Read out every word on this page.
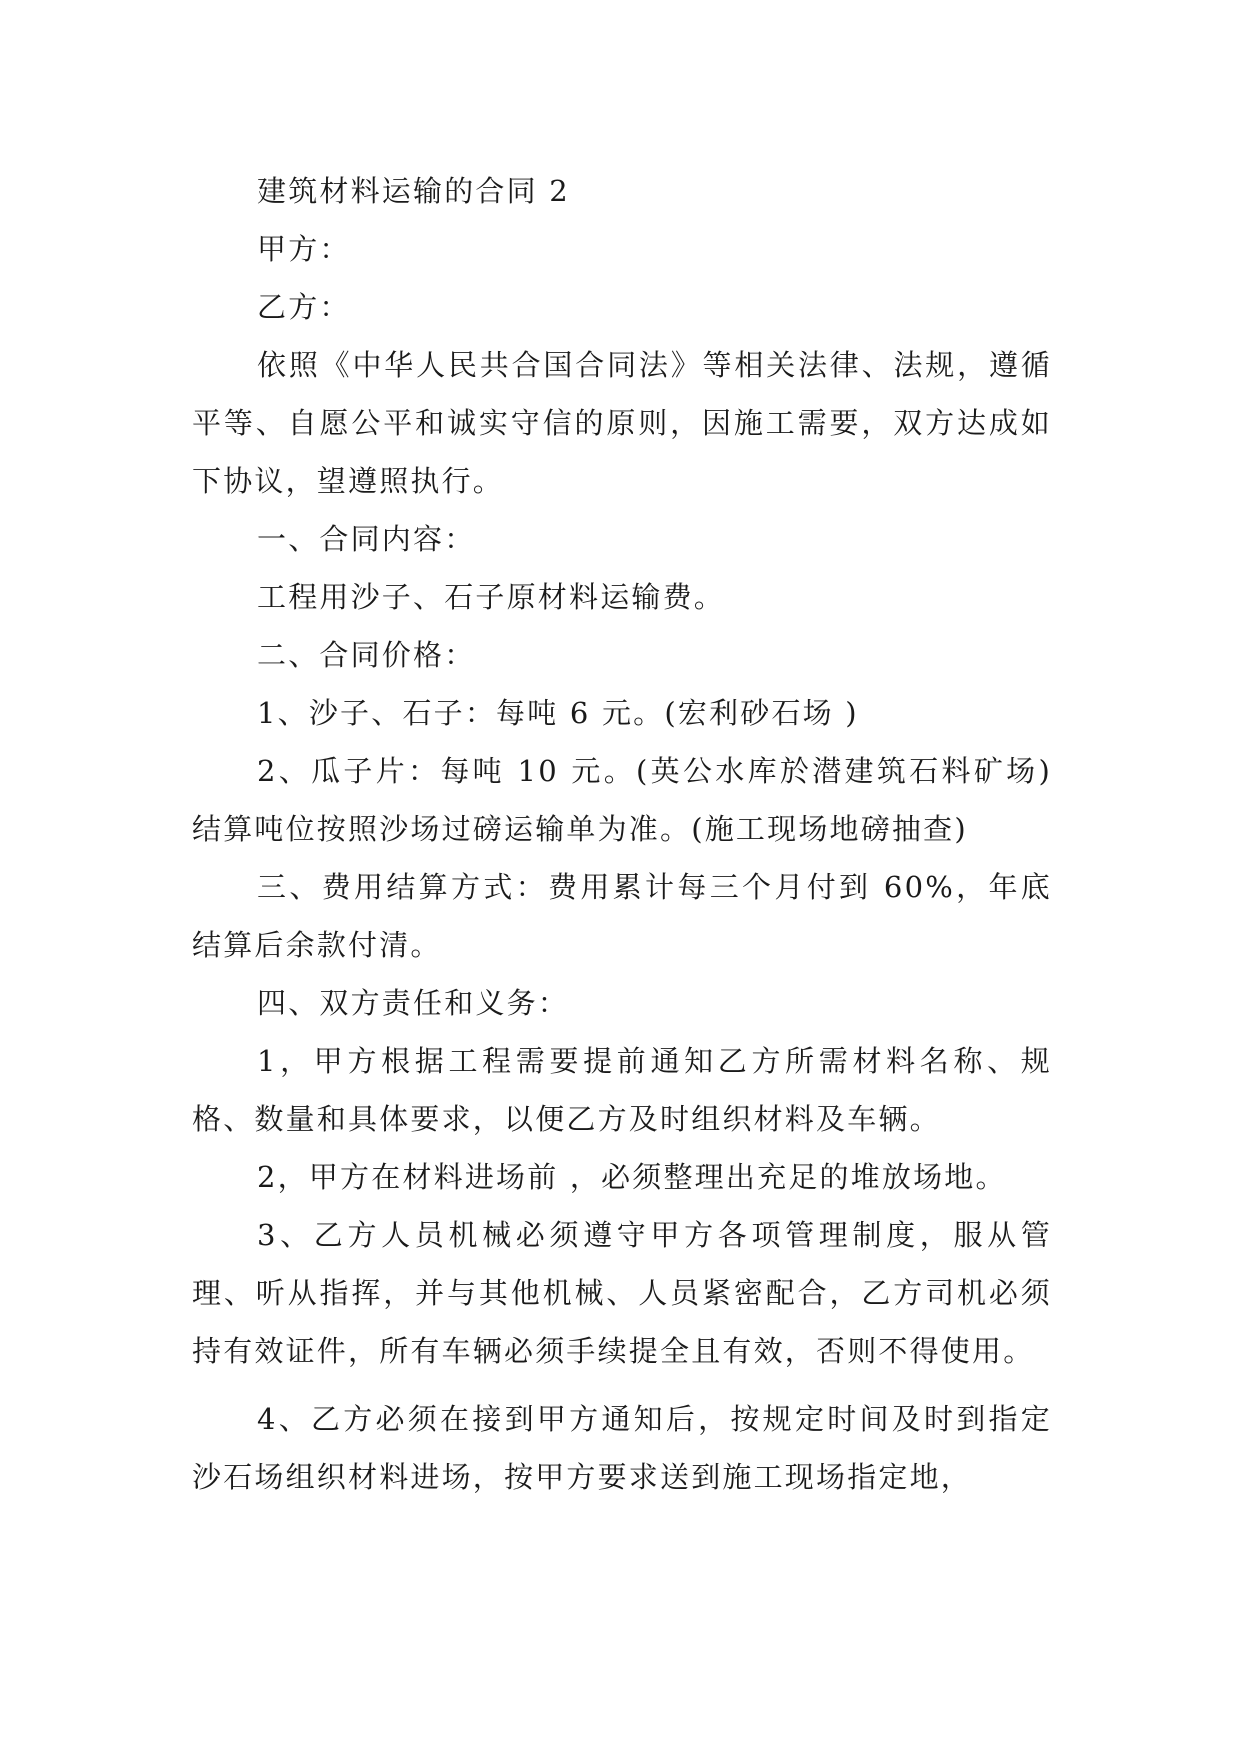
建筑材料运输的合同 2

甲方：

乙方：

依照《中华人民共合国合同法》等相关法律、法规，遵循平等、自愿公平和诚实守信的原则，因施工需要，双方达成如下协议，望遵照执行。

一、合同内容：

工程用沙子、石子原材料运输费。

二、合同价格：

1、沙子、石子：每吨 6 元。(宏利砂石场 )

2、瓜子片：每吨 10 元。(英公水库於潜建筑石料矿场)结算吨位按照沙场过磅运输单为准。(施工现场地磅抽查)

三、费用结算方式：费用累计每三个月付到 60%，年底结算后余款付清。

四、双方责任和义务：

1，甲方根据工程需要提前通知乙方所需材料名称、规格、数量和具体要求，以便乙方及时组织材料及车辆。

2，甲方在材料进场前 ，必须整理出充足的堆放场地。

3、乙方人员机械必须遵守甲方各项管理制度，服从管理、听从指挥，并与其他机械、人员紧密配合，乙方司机必须持有效证件，所有车辆必须手续提全且有效，否则不得使用。

4、乙方必须在接到甲方通知后，按规定时间及时到指定沙石场组织材料进场，按甲方要求送到施工现场指定地，
